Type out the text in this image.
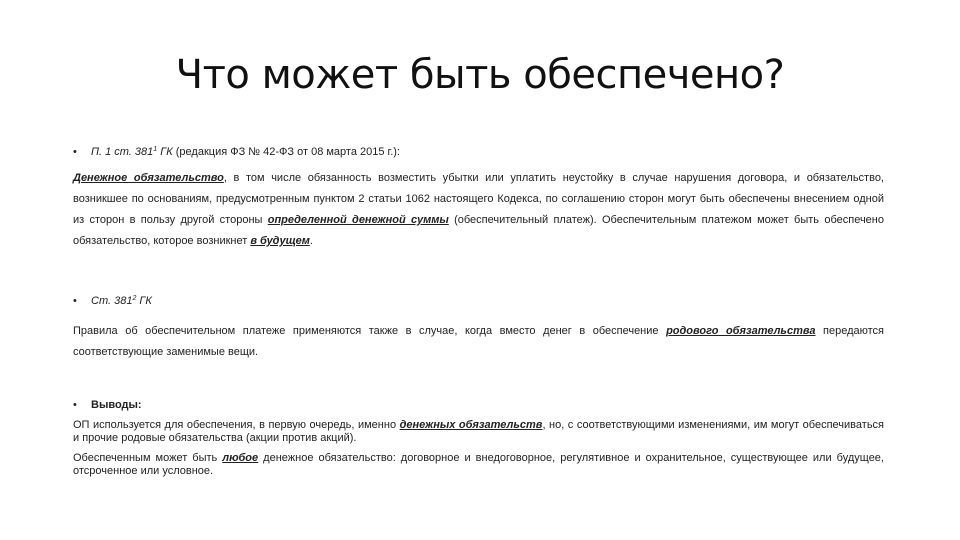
Что может быть обеспечено?
• П. 1 ст. $381^1$ ГК (редакция ФЗ № 42-ФЗ от 08 марта 2015 г.):
Денежное обязательство, в том числе обязанность возместить убытки или уплатить неустойку в случае нарушения договора, и обязательство, возникшее по основаниям, предусмотренным пунктом 2 статьи 1062 настоящего Кодекса, по соглашению сторон могут быть обеспечены внесением одной из сторон в пользу другой стороны определенной денежной суммы (обеспечительный платеж). Обеспечительным платежом может быть обеспечено обязательство, которое возникнет в будущем.
• Ст. $381^2$ ГК
Правила об обеспечительном платеже применяются также в случае, когда вместо денег в обеспечение родового обязательства передаются соответствующие заменимые вещи.
• Выводы:
ОП используется для обеспечения, в первую очередь, именно денежных обязательств, но, с соответствующими изменениями, им могут обеспечиваться и прочие родовые обязательства (акции против акций).
Обеспеченным может быть любое денежное обязательство: договорное и внедоговорное, регулятивное и охранительное, существующее или будущее, отсроченное или условное.
